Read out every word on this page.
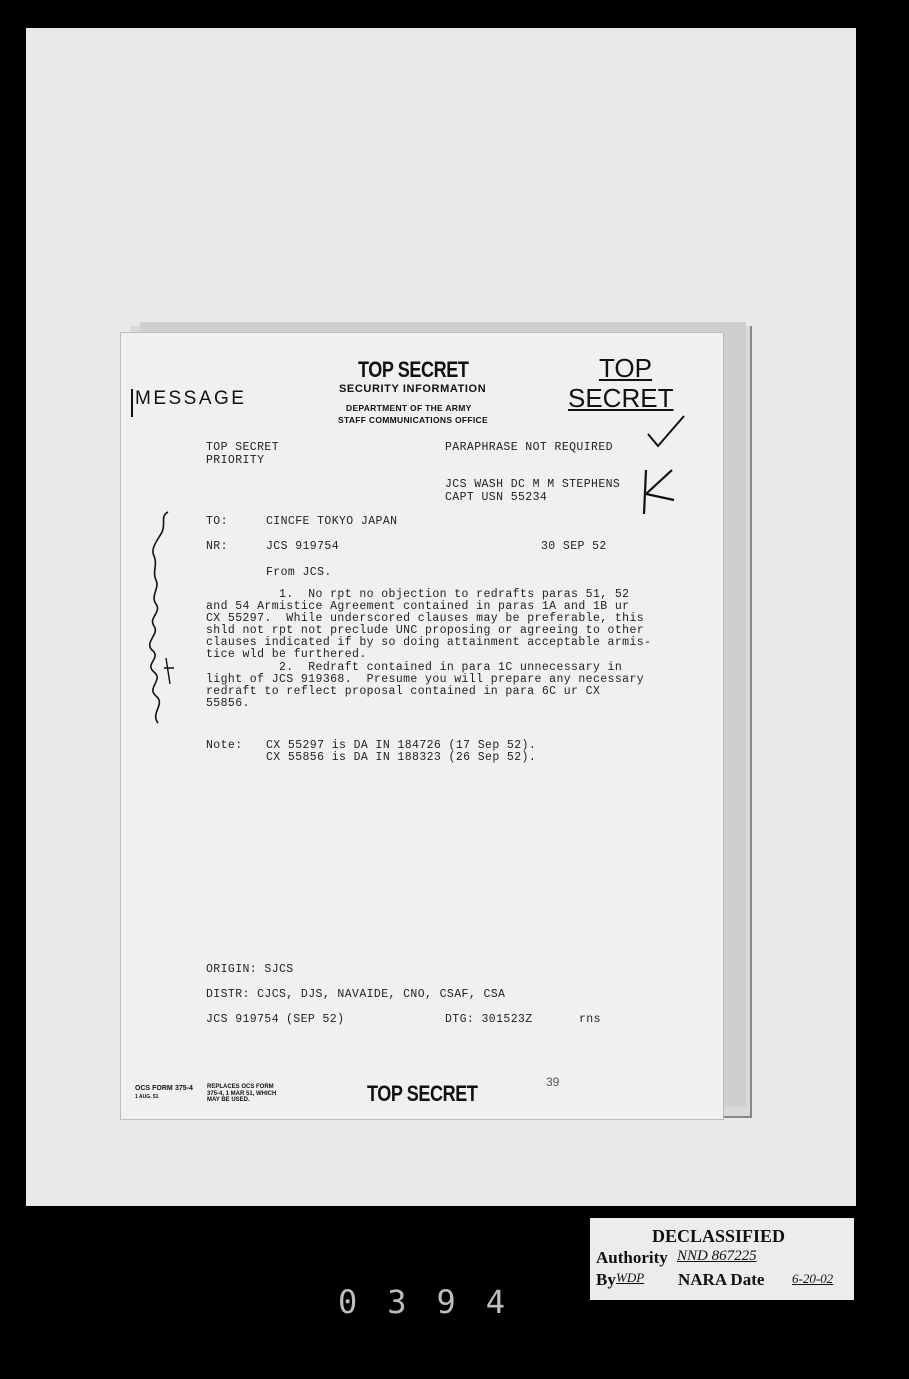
TOP SECRET
SECURITY INFORMATION
DEPARTMENT OF THE ARMY
STAFF COMMUNICATIONS OFFICE
MESSAGE
TOP
SECRET
TOP SECRET
PRIORITY
PARAPHRASE NOT REQUIRED
JCS WASH DC M M STEPHENS
CAPT USN 55234
TO:	CINCFE TOKYO JAPAN
NR:	JCS 919754	30 SEP 52
From JCS.
1.  No rpt no objection to redrafts paras 51, 52
and 54 Armistice Agreement contained in paras 1A and 1B ur
CX 55297.  While underscored clauses may be preferable, this
shld not rpt not preclude UNC proposing or agreeing to other
clauses indicated if by so doing attainment acceptable armis-
tice wld be furthered.
2.  Redraft contained in para 1C unnecessary in
light of JCS 919368.  Presume you will prepare any necessary
redraft to reflect proposal contained in para 6C ur CX
55856.
Note: CX 55297 is DA IN 184726 (17 Sep 52).
CX 55856 is DA IN 188323 (26 Sep 52).
ORIGIN: SJCS
DISTR: CJCS, DJS, NAVAIDE, CNO, CSAF, CSA
JCS 919754 (SEP 52)	DTG: 301523Z	rns
OCS FORM
1 AUG. 51
375-4 REPLACES OCS FORM
375-4, 1 MAR 51, WHICH
MAY BE USED.	TOP SECRET	39
DECLASSIFIED
Authority NND 867225
By WDP NARA Date 6-20-02
0394
